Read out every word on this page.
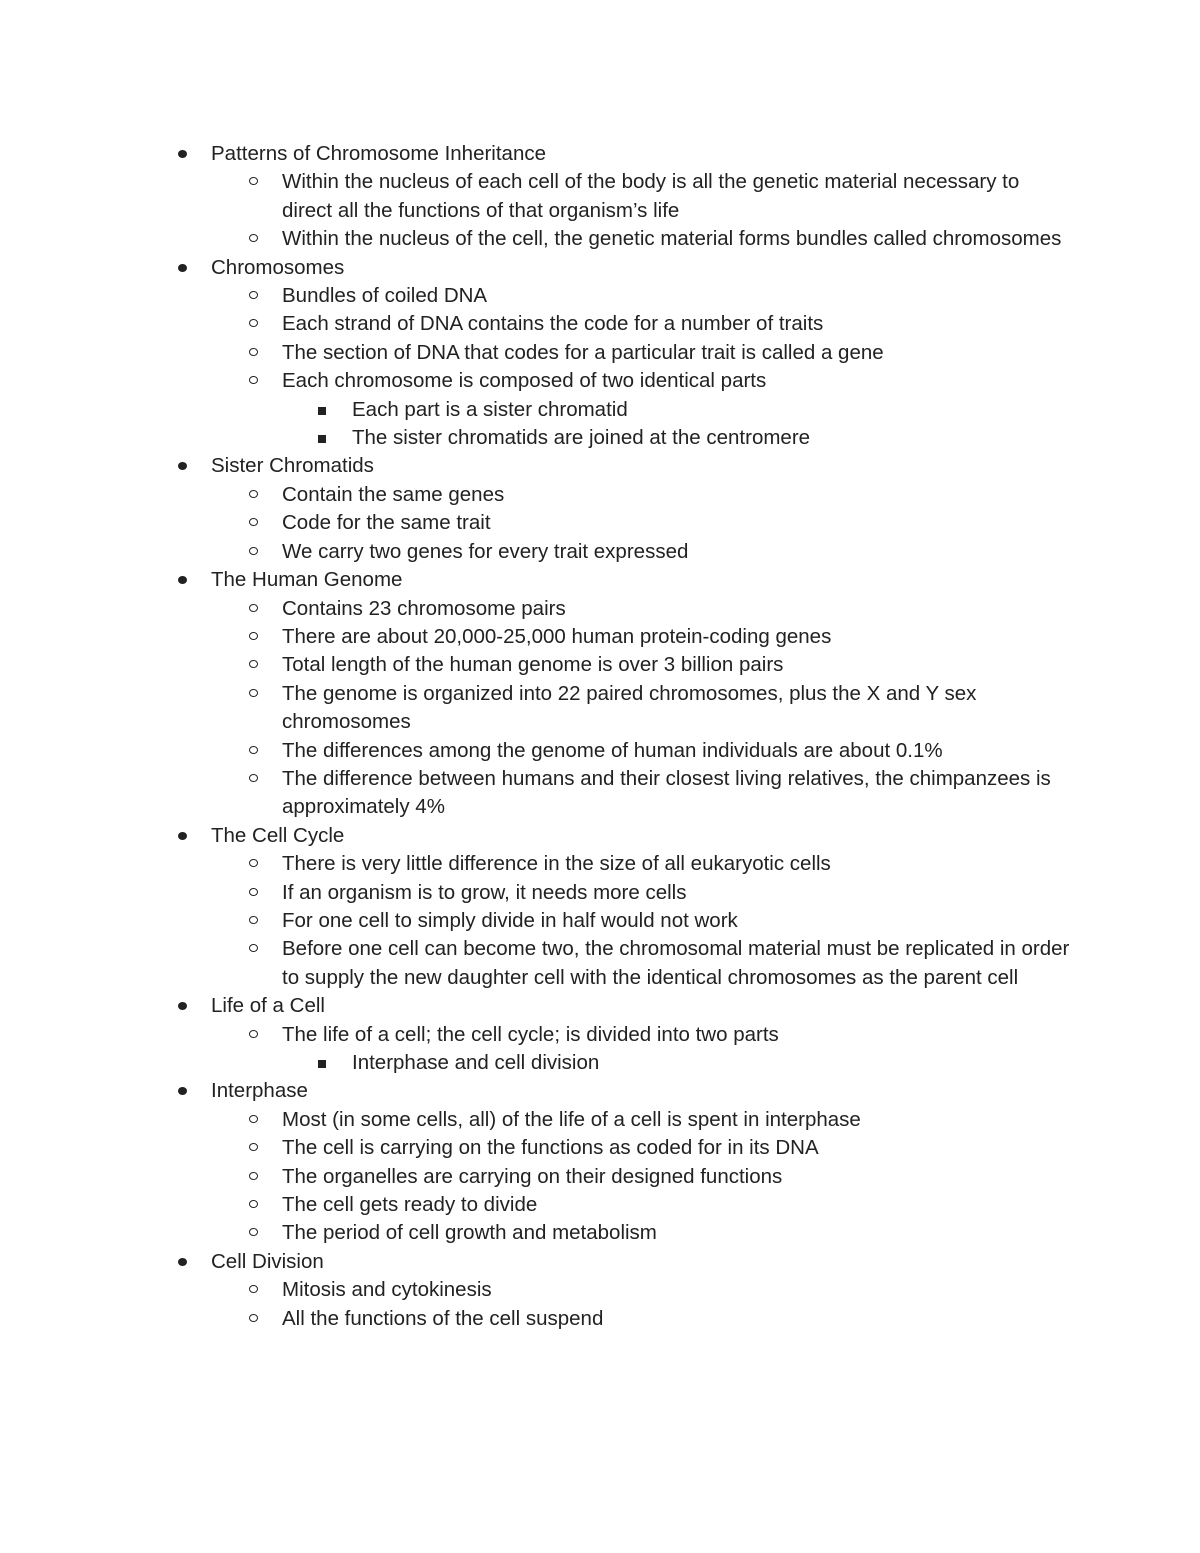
Patterns of Chromosome Inheritance
Within the nucleus of each cell of the body is all the genetic material necessary to direct all the functions of that organism’s life
Within the nucleus of the cell, the genetic material forms bundles called chromosomes
Chromosomes
Bundles of coiled DNA
Each strand of DNA contains the code for a number of traits
The section of DNA that codes for a particular trait is called a gene
Each chromosome is composed of two identical parts
Each part is a sister chromatid
The sister chromatids are joined at the centromere
Sister Chromatids
Contain the same genes
Code for the same trait
We carry two genes for every trait expressed
The Human Genome
Contains 23 chromosome pairs
There are about 20,000-25,000 human protein-coding genes
Total length of the human genome is over 3 billion pairs
The genome is organized into 22 paired chromosomes, plus the X and Y sex chromosomes
The differences among the genome of human individuals are about 0.1%
The difference between humans and their closest living relatives, the chimpanzees is approximately 4%
The Cell Cycle
There is very little difference in the size of all eukaryotic cells
If an organism is to grow, it needs more cells
For one cell to simply divide in half would not work
Before one cell can become two, the chromosomal material must be replicated in order to supply the new daughter cell with the identical chromosomes as the parent cell
Life of a Cell
The life of a cell; the cell cycle; is divided into two parts
Interphase and cell division
Interphase
Most (in some cells, all) of the life of a cell is spent in interphase
The cell is carrying on the functions as coded for in its DNA
The organelles are carrying on their designed functions
The cell gets ready to divide
The period of cell growth and metabolism
Cell Division
Mitosis and cytokinesis
All the functions of the cell suspend
